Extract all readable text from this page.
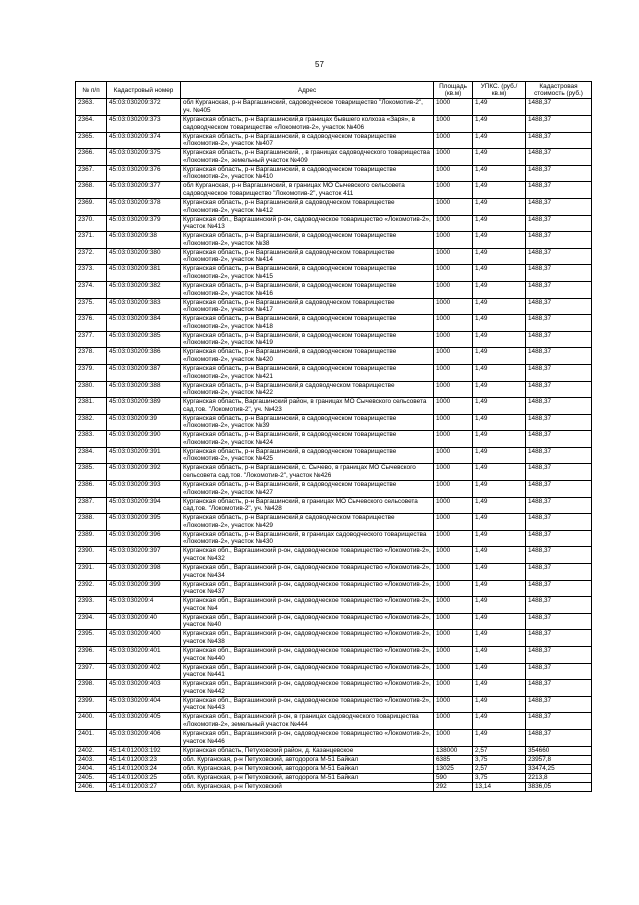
57
№ п/п	Кадастровый номер	Адрес	Площадь (кв.м)	УПКС. (руб./кв.м)	Кадастровая стоимость (руб.)
2363.	45:03:030209:372	обл Курганская, р-н Варгашинский, садоводческое товарищество "Локомотив-2", уч. №405	1000	1,49	1488,37
2364.	45:03:030209:373	Курганская область, р-н Варгашинский,в границах бывшего колхоза «Заря», в садоводческом товариществе «Локомотив-2», участок №406	1000	1,49	1488,37
2365.	45:03:030209:374	Курганская область, р-н Варгашинский, в садоводческом товариществе «Локомотив-2», участок №407	1000	1,49	1488,37
2366.	45:03:030209:375	Курганская область, р-н Варгашинский, , в границах садоводческого товарищества «Локомотив-2», земельный участок №409	1000	1,49	1488,37
2367.	45:03:030209:376	Курганская область, р-н Варгашинский, в садоводческом товариществе «Локомотив-2», участок №410	1000	1,49	1488,37
2368.	45:03:030209:377	обл Курганская, р-н Варгашинский, в границах МО Сычевского сельсовета садоводческое товарищество "Локомотив-2", участок 411	1000	1,49	1488,37
2369.	45:03:030209:378	Курганская область, р-н Варгашинский,в садоводческом товариществе «Локомотив-2», участок №412	1000	1,49	1488,37
2370.	45:03:030209:379	Курганская обл., Варгашинский р-он, садоводческое товарищество «Локомотив-2», участок №413	1000	1,49	1488,37
2371.	45:03:030209:38	Курганская область, р-н Варгашинский, в садоводческом товариществе «Локомотив-2», участок №38	1000	1,49	1488,37
2372.	45:03:030209:380	Курганская область, р-н Варгашинский,в садоводческом товариществе «Локомотив-2», участок №414	1000	1,49	1488,37
2373.	45:03:030209:381	Курганская область, р-н Варгашинский, в садоводческом товариществе «Локомотив-2», участок №415	1000	1,49	1488,37
2374.	45:03:030209:382	Курганская область, р-н Варгашинский, в садоводческом товариществе «Локомотив-2», участок №416	1000	1,49	1488,37
2375.	45:03:030209:383	Курганская область, р-н Варгашинский,в садоводческом товариществе «Локомотив-2», участок №417	1000	1,49	1488,37
2376.	45:03:030209:384	Курганская область, р-н Варгашинский, в садоводческом товариществе «Локомотив-2», участок №418	1000	1,49	1488,37
2377.	45:03:030209:385	Курганская область, р-н Варгашинский, в садоводческом товариществе «Локомотив-2», участок №419	1000	1,49	1488,37
2378.	45:03:030209:386	Курганская область, р-н Варгашинский, в садоводческом товариществе «Локомотив-2», участок №420	1000	1,49	1488,37
2379.	45:03:030209:387	Курганская область, р-н Варгашинский, в садоводческом товариществе «Локомотив-2», участок №421	1000	1,49	1488,37
2380.	45:03:030209:388	Курганская область, р-н Варгашинский,в садоводческом товариществе «Локомотив-2», участок №422	1000	1,49	1488,37
2381.	45:03:030209:389	Курганская область, Варгашинский район, в границах МО Сычевского сельсовета сад.тов. "Локомотив-2", уч. №423	1000	1,49	1488,37
2382.	45:03:030209:39	Курганская область, р-н Варгашинский, в садоводческом товариществе «Локомотив-2», участок №39	1000	1,49	1488,37
2383.	45:03:030209:390	Курганская область, р-н Варгашинский, в садоводческом товариществе «Локомотив-2», участок №424	1000	1,49	1488,37
2384.	45:03:030209:391	Курганская область, р-н Варгашинский, в садоводческом товариществе «Локомотив-2», участок №425	1000	1,49	1488,37
2385.	45:03:030209:392	Курганская область, р-н Варгашинский, с. Сычево, в границах МО Сычевского сельсовета сад.тов. "Локомотив-2", участок №426	1000	1,49	1488,37
2386.	45:03:030209:393	Курганская область, р-н Варгашинский, в садоводческом товариществе «Локомотив-2», участок №427	1000	1,49	1488,37
2387.	45:03:030209:394	Курганская область, р-н Варгашинский, в границах МО Сычевского сельсовета сад.тов. "Локомотив-2", уч. №428	1000	1,49	1488,37
2388.	45:03:030209:395	Курганская область, р-н Варгашинский,в садоводческом товариществе «Локомотив-2», участок №429	1000	1,49	1488,37
2389.	45:03:030209:396	Курганская область, р-н Варгашинский, в границах садоводческого товарищества «Локомотив-2», участок №430	1000	1,49	1488,37
2390.	45:03:030209:397	Курганская обл., Варгашинский р-он, садоводческое товарищество «Локомотив-2», участок №432	1000	1,49	1488,37
2391.	45:03:030209:398	Курганская обл., Варгашинский р-он, садоводческое товарищество «Локомотив-2», участок №434	1000	1,49	1488,37
2392.	45:03:030209:399	Курганская обл., Варгашинский р-он, садоводческое товарищество «Локомотив-2», участок №437	1000	1,49	1488,37
2393.	45:03:030209:4	Курганская обл., Варгашинский р-он, садоводческое товарищество «Локомотив-2», участок №4	1000	1,49	1488,37
2394.	45:03:030209:40	Курганская обл., Варгашинский р-он, садоводческое товарищество «Локомотив-2», участок №40	1000	1,49	1488,37
2395.	45:03:030209:400	Курганская обл., Варгашинский р-он, садоводческое товарищество «Локомотив-2», участок №438	1000	1,49	1488,37
2396.	45:03:030209:401	Курганская обл., Варгашинский р-он, садоводческое товарищество «Локомотив-2», участок №440	1000	1,49	1488,37
2397.	45:03:030209:402	Курганская обл., Варгашинский р-он, садоводческое товарищество «Локомотив-2», участок №441	1000	1,49	1488,37
2398.	45:03:030209:403	Курганская обл., Варгашинский р-он, садоводческое товарищество «Локомотив-2», участок №442	1000	1,49	1488,37
2399.	45:03:030209:404	Курганская обл., Варгашинский р-он, садоводческое товарищество «Локомотив-2», участок №443	1000	1,49	1488,37
2400.	45:03:030209:405	Курганская обл., Варгашинский р-он, в границах садоводческого товарищества «Локомотив-2», земельный участок №444	1000	1,49	1488,37
2401.	45:03:030209:406	Курганская обл., Варгашинский р-он, садоводческое товарищество «Локомотив-2», участок №446	1000	1,49	1488,37
2402.	45:14:012003:192	Курганская область, Петуховский район, д. Казанцевское	138000	2,57	354660
2403.	45:14:012003:23	обл. Курганская, р-н Петуховский, автодорога М-51 Байкал	6385	3,75	23957,8
2404.	45:14:012003:24	обл. Курганская, р-н Петуховский, автодорога М-51 Байкал	13025	2,57	33474,25
2405.	45:14:012003:25	обл. Курганская, р-н Петуховский, автодорога М-51 Байкал	590	3,75	2213,8
2406.	45:14:012003:27	обл. Курганская, р-н Петуховский	292	13,14	3836,05
